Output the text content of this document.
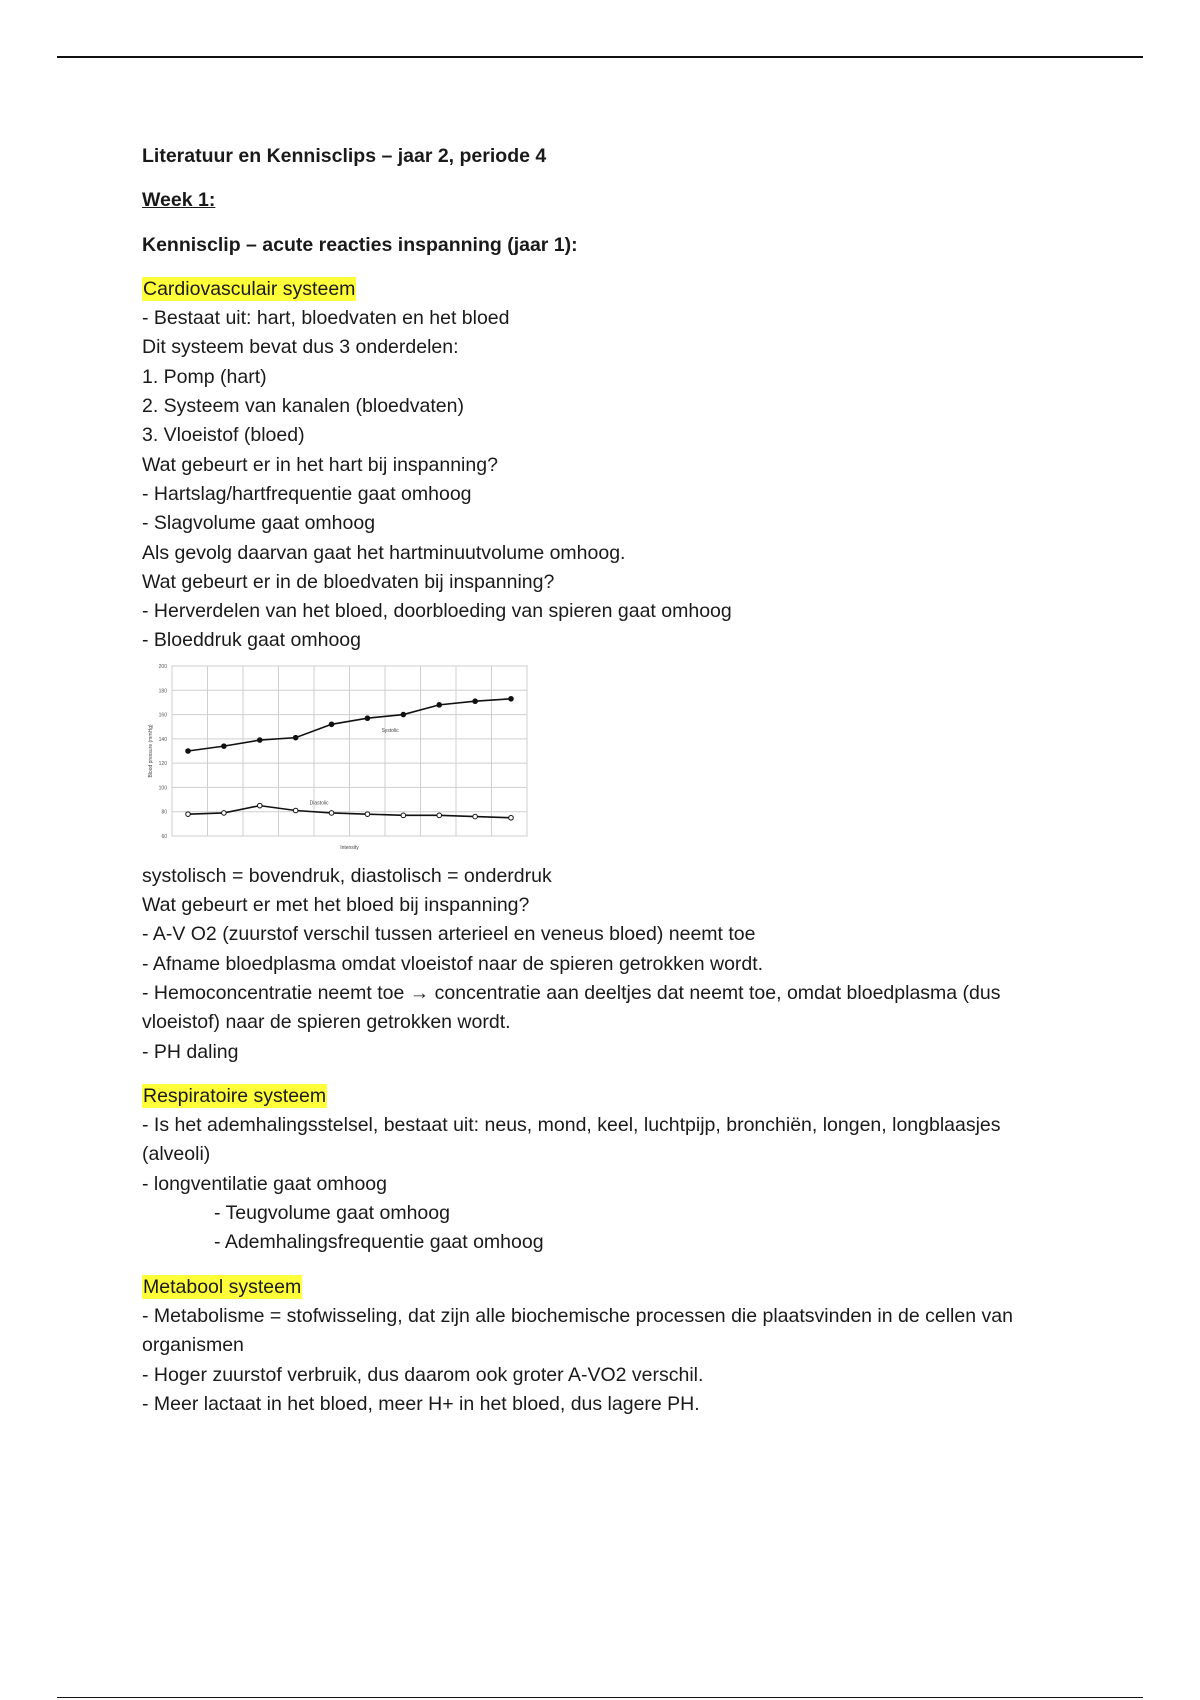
Literatuur en Kennisclips – jaar 2, periode 4
Week 1:
Kennisclip – acute reacties inspanning (jaar 1):
Cardiovasculair systeem
- Bestaat uit: hart, bloedvaten en het bloed
Dit systeem bevat dus 3 onderdelen:
1. Pomp (hart)
2. Systeem van kanalen (bloedvaten)
3. Vloeistof (bloed)
Wat gebeurt er in het hart bij inspanning?
- Hartslag/hartfrequentie gaat omhoog
- Slagvolume gaat omhoog
Als gevolg daarvan gaat het hartminuutvolume omhoog.
Wat gebeurt er in de bloedvaten bij inspanning?
- Herverdelen van het bloed, doorbloeding van spieren gaat omhoog
- Bloeddruk gaat omhoog
60
80
100
120
140
160
180
200
Blood pressure (mmHg)
Intensity
Systolic
Diastolic
systolisch = bovendruk, diastolisch = onderdruk
Wat gebeurt er met het bloed bij inspanning?
- A-V O2 (zuurstof verschil tussen arterieel en veneus bloed) neemt toe
- Afname bloedplasma omdat vloeistof naar de spieren getrokken wordt.
- Hemoconcentratie neemt toe → concentratie aan deeltjes dat neemt toe, omdat bloedplasma (dus vloeistof) naar de spieren getrokken wordt.
- PH daling
Respiratoire systeem
- Is het ademhalingsstelsel, bestaat uit: neus, mond, keel, luchtpijp, bronchiën, longen, longblaasjes (alveoli)
- longventilatie gaat omhoog
- Teugvolume gaat omhoog
- Ademhalingsfrequentie gaat omhoog
Metabool systeem
- Metabolisme = stofwisseling, dat zijn alle biochemische processen die plaatsvinden in de cellen van organismen
- Hoger zuurstof verbruik, dus daarom ook groter A-VO2 verschil.
- Meer lactaat in het bloed, meer H+ in het bloed, dus lagere PH.
